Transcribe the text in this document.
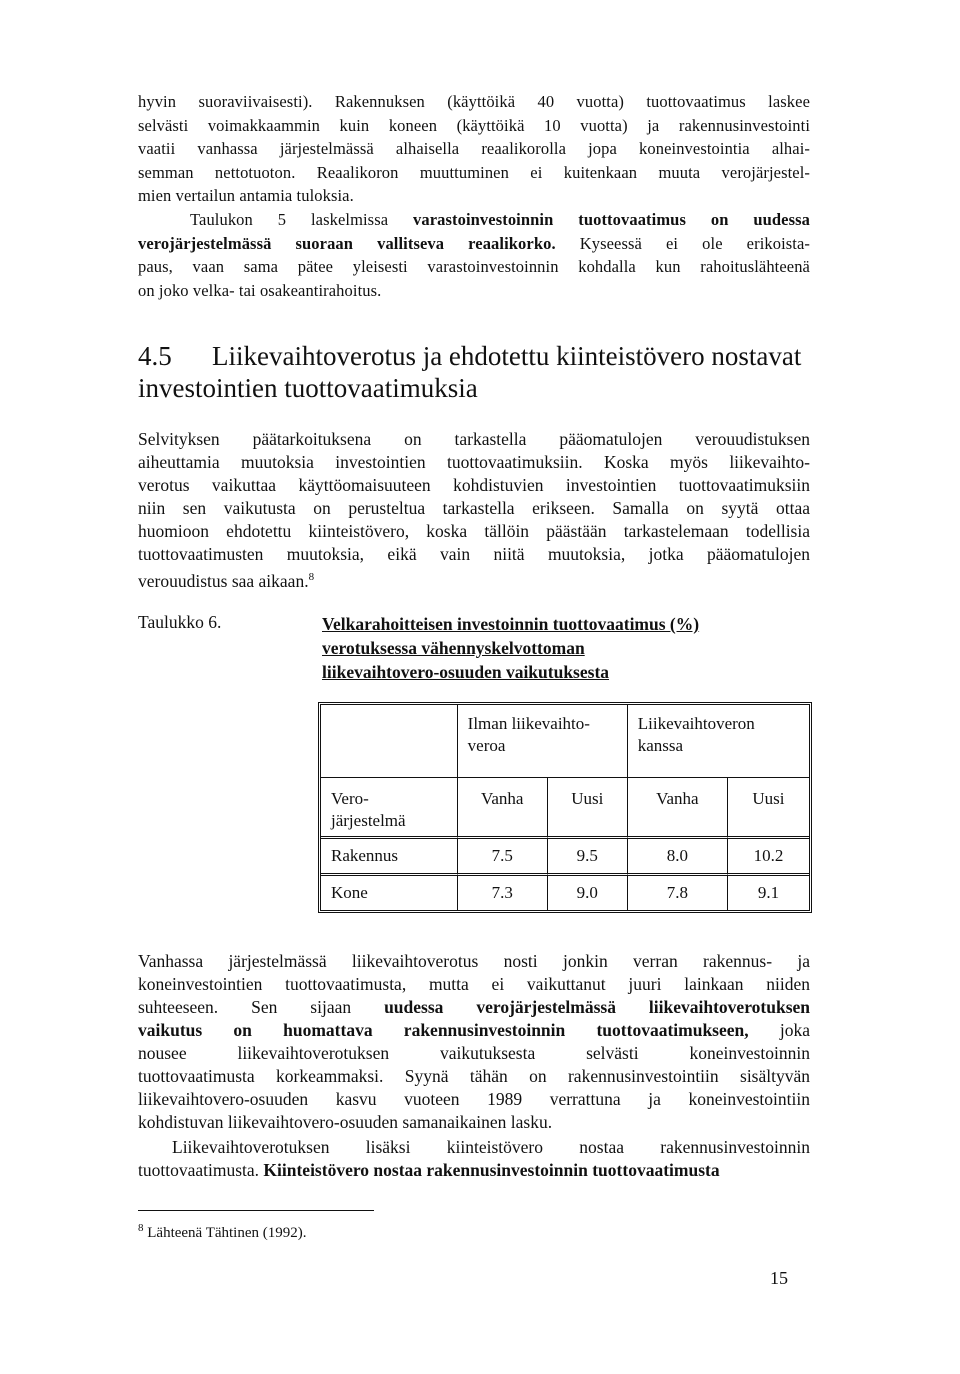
hyvin suoraviivaisesti). Rakennuksen (käyttöikä 40 vuotta) tuottovaatimus laskee
selvästi voimakkaammin kuin koneen (käyttöikä 10 vuotta) ja rakennusinvestointi
vaatii vanhassa järjestelmässä alhaisella reaalikorolla jopa koneinvestointia alhai-
semman nettotuoton. Reaalikoron muuttuminen ei kuitenkaan muuta verojärjestel-
mien vertailun antamia tuloksia.
Taulukon 5 laskelmissa varastoinvestoinnin tuottovaatimus on uudessa
verojärjestelmässä suoraan vallitseva reaalikorko. Kyseessä ei ole erikoista-
paus, vaan sama pätee yleisesti varastoinvestoinnin kohdalla kun rahoituslähteenä
on joko velka- tai osakeantirahoitus.
4.5 Liikevaihtoverotus ja ehdotettu kiinteistövero nostavat
investointien tuottovaatimuksia
Selvityksen päätarkoituksena on tarkastella pääomatulojen verouudistuksen
aiheuttamia muutoksia investointien tuottovaatimuksiin. Koska myös liikevaihto-
verotus vaikuttaa käyttöomaisuuteen kohdistuvien investointien tuottovaatimuksiin
niin sen vaikutusta on perusteltua tarkastella erikseen. Samalla on syytä ottaa
huomioon ehdotettu kiinteistövero, koska tällöin päästään tarkastelemaan todellisia
tuottovaatimusten muutoksia, eikä vain niitä muutoksia, jotka pääomatulojen
verouudistus saa aikaan.$^8$
Taulukko 6.	Velkarahoitteisen investoinnin tuottovaatimus (%)
verotuksessa vähennyskelvottoman
liikevaihtovero-osuuden vaikutuksesta
	Ilman liikevaihto-
veroa		Liikevaihtoveron
kanssa	
Vero-
järjestelmä	Vanha	Uusi	Vanha	Uusi
Rakennus	7.5	9.5	8.0	10.2
Kone	7.3	9.0	7.8	9.1
Vanhassa järjestelmässä liikevaihtoverotus nosti jonkin verran rakennus- ja
koneinvestointien tuottovaatimusta, mutta ei vaikuttanut juuri lainkaan niiden
suhteeseen. Sen sijaan uudessa verojärjestelmässä liikevaihtoverotuksen
vaikutus on huomattava rakennusinvestoinnin tuottovaatimukseen, joka
nousee liikevaihtoverotuksen vaikutuksesta selvästi koneinvestoinnin
tuottovaatimusta korkeammaksi. Syynä tähän on rakennusinvestointiin sisältyvän
liikevaihtovero-osuuden kasvu vuoteen 1989 verrattuna ja koneinvestointiin
kohdistuvan liikevaihtovero-osuuden samanaikainen lasku.
Liikevaihtoverotuksen lisäksi kiinteistövero nostaa rakennusinvestoinnin
tuottovaatimusta. Kiinteistövero nostaa rakennusinvestoinnin tuottovaatimusta
$^8$ Lähteenä Tähtinen (1992).
15
